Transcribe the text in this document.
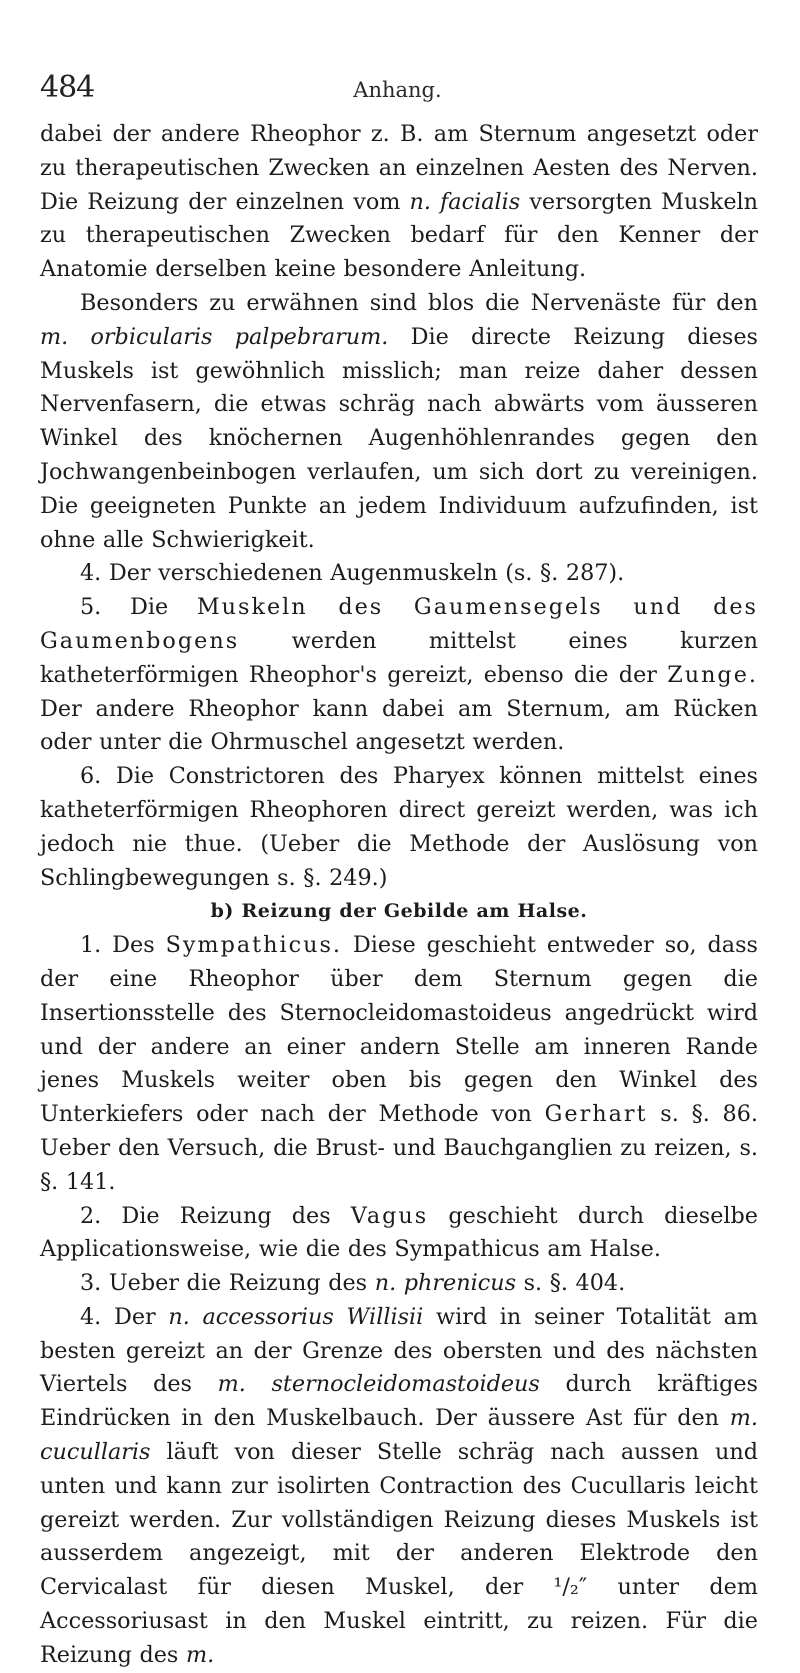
484	Anhang.

dabei der andere Rheophor z. B. am Sternum angesetzt oder zu therapeutischen Zwecken an einzelnen Aesten des Nerven. Die Reizung der einzelnen vom n. facialis versorgten Muskeln zu therapeutischen Zwecken bedarf für den Kenner der Anatomie derselben keine besondere Anleitung.

Besonders zu erwähnen sind blos die Nervenäste für den m. orbicularis palpebrarum. Die directe Reizung dieses Muskels ist gewöhnlich misslich; man reize daher dessen Nervenfasern, die etwas schräg nach abwärts vom äusseren Winkel des knöchernen Augenhöhlenrandes gegen den Jochwangenbeinbogen verlaufen, um sich dort zu vereinigen. Die geeigneten Punkte an jedem Individuum aufzufinden, ist ohne alle Schwierigkeit.

4. Der verschiedenen Augenmuskeln (s. §. 287).

5. Die Muskeln des Gaumensegels und des Gaumenbogens werden mittelst eines kurzen katheterförmigen Rheophor's gereizt, ebenso die der Zunge. Der andere Rheophor kann dabei am Sternum, am Rücken oder unter die Ohrmuschel angesetzt werden.

6. Die Constrictoren des Pharyex können mittelst eines katheterförmigen Rheophoren direct gereizt werden, was ich jedoch nie thue. (Ueber die Methode der Auslösung von Schlingbewegungen s. §. 249.)

b) Reizung der Gebilde am Halse.

1. Des Sympathicus. Diese geschieht entweder so, dass der eine Rheophor über dem Sternum gegen die Insertionsstelle des Sternocleidomastoideus angedrückt wird und der andere an einer andern Stelle am inneren Rande jenes Muskels weiter oben bis gegen den Winkel des Unterkiefers oder nach der Methode von Gerhart s. §. 86. Ueber den Versuch, die Brust- und Bauchganglien zu reizen, s. §. 141.

2. Die Reizung des Vagus geschieht durch dieselbe Applicationsweise, wie die des Sympathicus am Halse.

3. Ueber die Reizung des n. phrenicus s. §. 404.

4. Der n. accessorius Willisii wird in seiner Totalität am besten gereizt an der Grenze des obersten und des nächsten Viertels des m. sternocleidomastoideus durch kräftiges Eindrücken in den Muskelbauch. Der äussere Ast für den m. cucullaris läuft von dieser Stelle schräg nach aussen und unten und kann zur isolirten Contraction des Cucullaris leicht gereizt werden. Zur vollständigen Reizung dieses Muskels ist ausserdem angezeigt, mit der anderen Elektrode den Cervicalast für diesen Muskel, der ¹/₂″ unter dem Accessoriusast in den Muskel eintritt, zu reizen. Für die Reizung des m.
